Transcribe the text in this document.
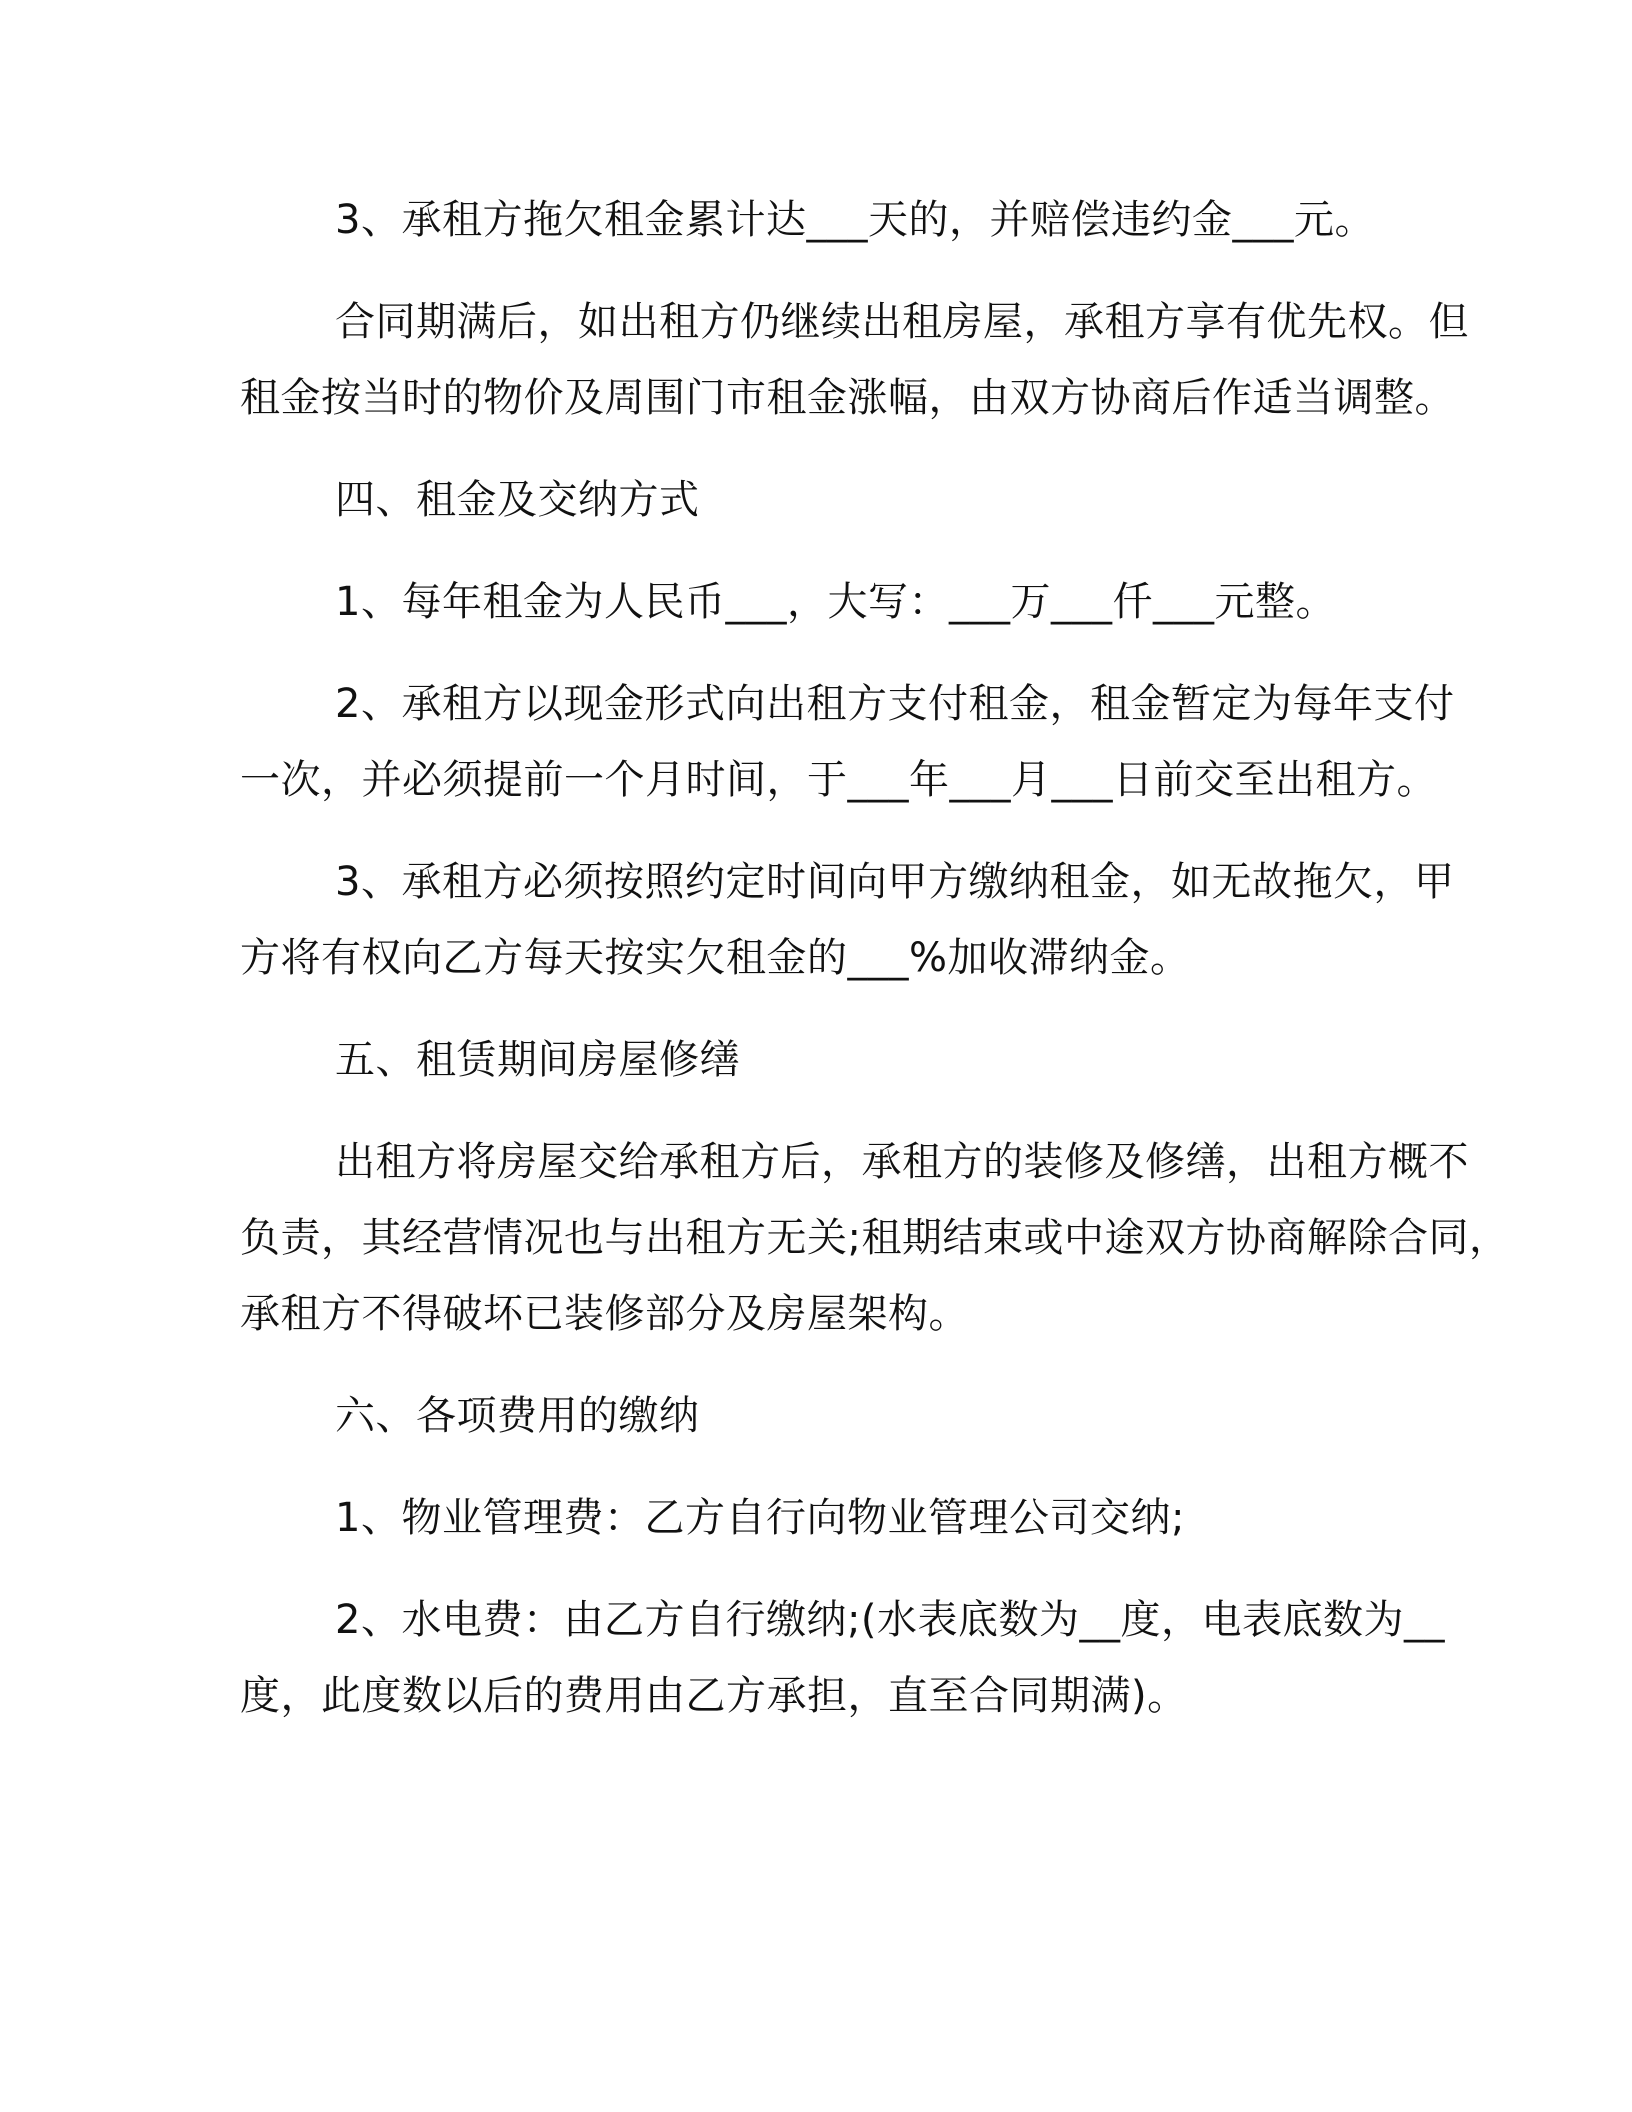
3、承租方拖欠租金累计达___天的，并赔偿违约金___元。
合同期满后，如出租方仍继续出租房屋，承租方享有优先权。但
租金按当时的物价及周围门市租金涨幅，由双方协商后作适当调整。
四、租金及交纳方式
1、每年租金为人民币___，大写：___万___仟___元整。
2、承租方以现金形式向出租方支付租金，租金暂定为每年支付
一次，并必须提前一个月时间，于___年___月___日前交至出租方。
3、承租方必须按照约定时间向甲方缴纳租金，如无故拖欠，甲
方将有权向乙方每天按实欠租金的___%加收滞纳金。
五、租赁期间房屋修缮
出租方将房屋交给承租方后，承租方的装修及修缮，出租方概不
负责，其经营情况也与出租方无关;租期结束或中途双方协商解除合同，
承租方不得破坏已装修部分及房屋架构。
六、各项费用的缴纳
1、物业管理费：乙方自行向物业管理公司交纳;
2、水电费：由乙方自行缴纳;(水表底数为__度，电表底数为__
度，此度数以后的费用由乙方承担，直至合同期满)。
